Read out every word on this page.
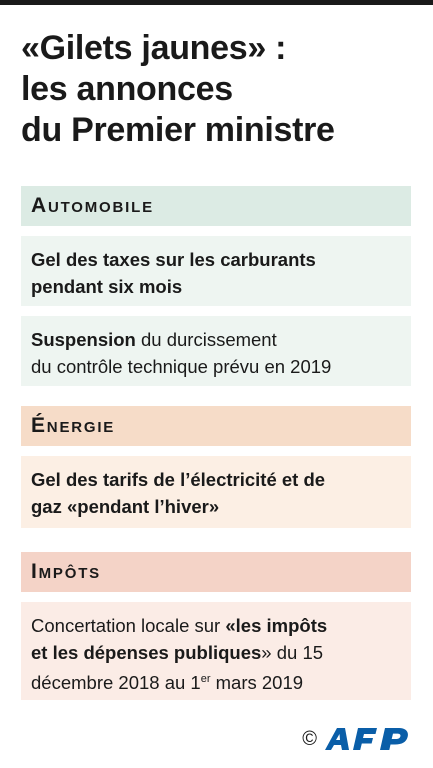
«Gilets jaunes» :
les annonces
du Premier ministre
Automobile
Gel des taxes sur les carburants
pendant six mois
Suspension du durcissement
du contrôle technique prévu en 2019
Énergie
Gel des tarifs de l’électricité et de
gaz «pendant l’hiver»
Impôts
Concertation locale sur «les impôts
et les dépenses publiques» du 15
décembre 2018 au 1er mars 2019
©
